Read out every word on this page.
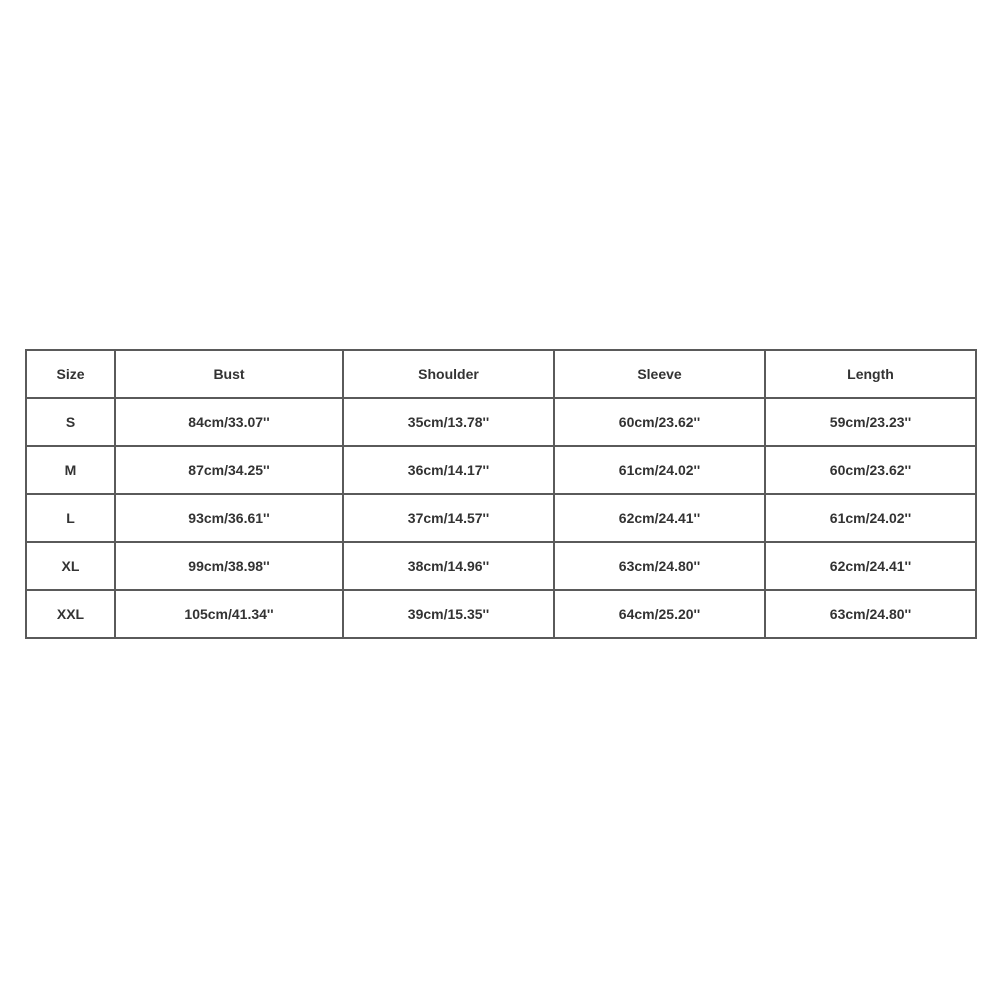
Size	Bust	Shoulder	Sleeve	Length
S	84cm/33.07''	35cm/13.78''	60cm/23.62''	59cm/23.23''
M	87cm/34.25''	36cm/14.17''	61cm/24.02''	60cm/23.62''
L	93cm/36.61''	37cm/14.57''	62cm/24.41''	61cm/24.02''
XL	99cm/38.98''	38cm/14.96''	63cm/24.80''	62cm/24.41''
XXL	105cm/41.34''	39cm/15.35''	64cm/25.20''	63cm/24.80''
